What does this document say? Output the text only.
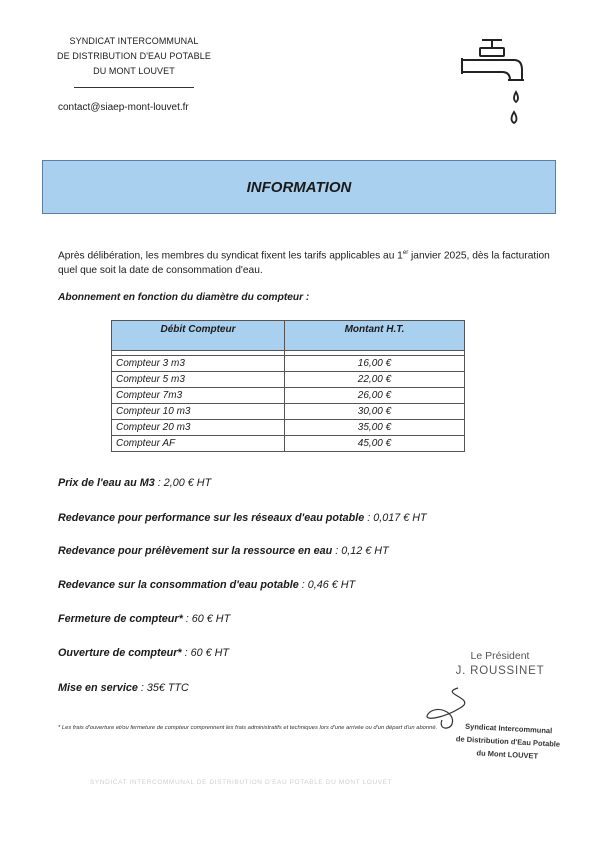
SYNDICAT INTERCOMMUNAL
DE DISTRIBUTION D'EAU POTABLE
DU MONT LOUVET
contact@siaep-mont-louvet.fr
INFORMATION
Après délibération, les membres du syndicat fixent les tarifs applicables au 1er janvier 2025, dès la facturation quel que soit la date de consommation d'eau.
Abonnement en fonction du diamètre du compteur :
Débit Compteur	Montant H.T.

Compteur 3 m3	16,00 €
Compteur 5 m3	22,00 €
Compteur 7m3	26,00 €
Compteur 10 m3	30,00 €
Compteur 20 m3	35,00 €
Compteur AF	45,00 €
Prix de l'eau au M3 : 2,00 € HT
Redevance pour performance sur les réseaux d'eau potable : 0,017 € HT
Redevance pour prélèvement sur la ressource en eau : 0,12 € HT
Redevance sur la consommation d'eau potable : 0,46 € HT
Fermeture de compteur* : 60 € HT
Ouverture de compteur* : 60 € HT
Mise en service : 35€ TTC
Le Président
J. ROUSSINET
Syndicat Intercommunal
de Distribution d'Eau Potable
du Mont LOUVET
* Les frais d'ouverture et/ou fermeture de compteur comprennent les frais administratifs et techniques lors d'une arrivée ou d'un départ d'un abonné.
SYNDICAT INTERCOMMUNAL DE DISTRIBUTION D'EAU POTABLE DU MONT LOUVET
